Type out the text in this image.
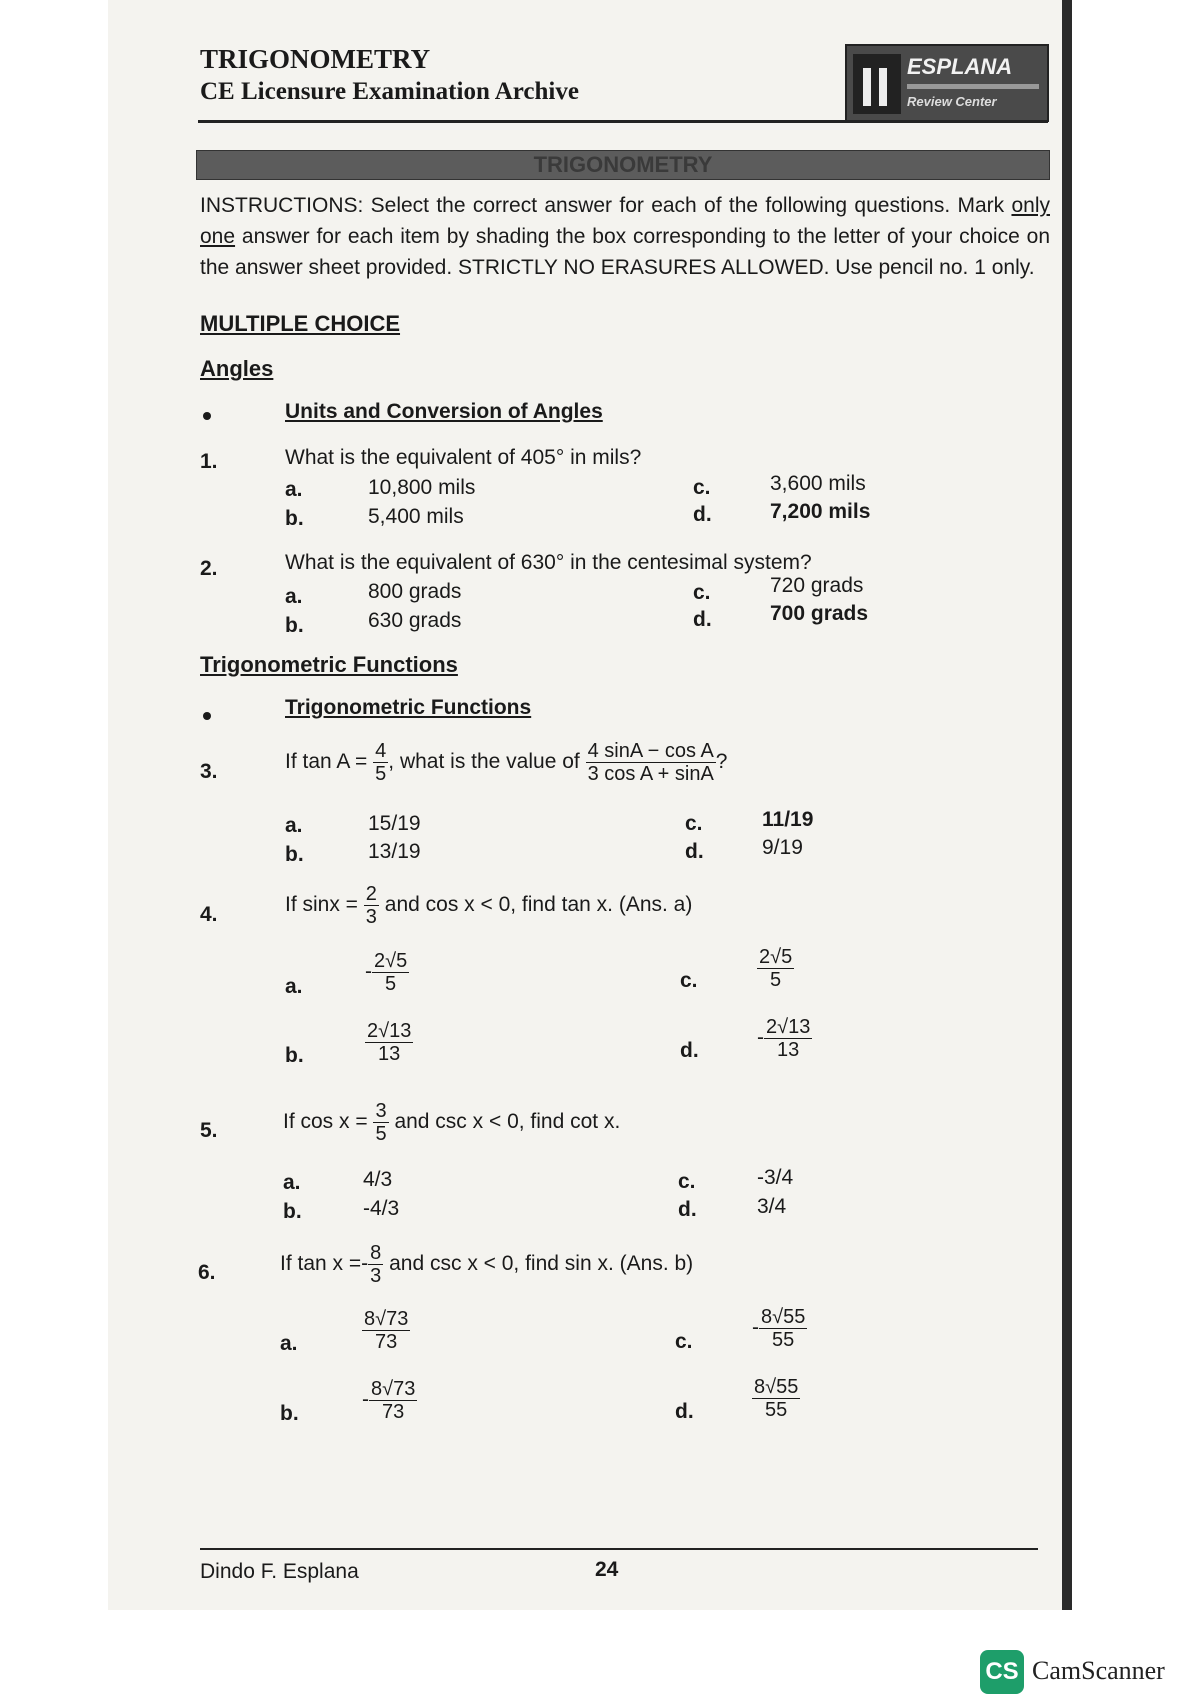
TRIGONOMETRY
CE Licensure Examination Archive
ESPLANA
Review Center
TRIGONOMETRY
INSTRUCTIONS: Select the correct answer for each of the following questions. Mark only one answer for each item by shading the box corresponding to the letter of your choice on the answer sheet provided. STRICTLY NO ERASURES ALLOWED. Use pencil no. 1 only.
MULTIPLE CHOICE
Angles
Units and Conversion of Angles
1.	What is the equivalent of 405° in mils?
a.	10,800 mils
b.	5,400 mils
c.	3,600 mils
d.	7,200 mils
2.	What is the equivalent of 630° in the centesimal system?
a.	800 grads
b.	630 grads
c.	720 grads
d.	700 grads
Trigonometric Functions
Trigonometric Functions
3.	If $\tan A = \frac{4}{5}$ , what is the value of $\frac{\text{4 sinA − cos A}}{\text{3 cos A + sinA}}$ ?
a.	15/19
b.	13/19
c.	11/19
d.	9/19
4.	If $\sin x = \frac{2}{3}$ and cos x < 0, find tan x. (Ans. a)
a.
- $\frac{2√5}{5}$
b.	$\frac{2√13}{13}$
c.	$\frac{2√5}{5}$
d.
- $\frac{2√13}{13}$
5.	If $\cos x = \frac{3}{5}$ and csc x < 0, find cot x.
a.	4/3
b.	-4/3
c.	-3/4
d.	3/4
6.	If $\tan x =- \frac{8}{3}$ and csc x < 0, find sin x. (Ans. b)
a.	$\frac{8√73}{73}$
b.
- $\frac{8√73}{73}$
c.
- $\frac{8√55}{55}$
d.	$\frac{8√55}{55}$
Dindo F. Esplana	24
CS CamScanner
